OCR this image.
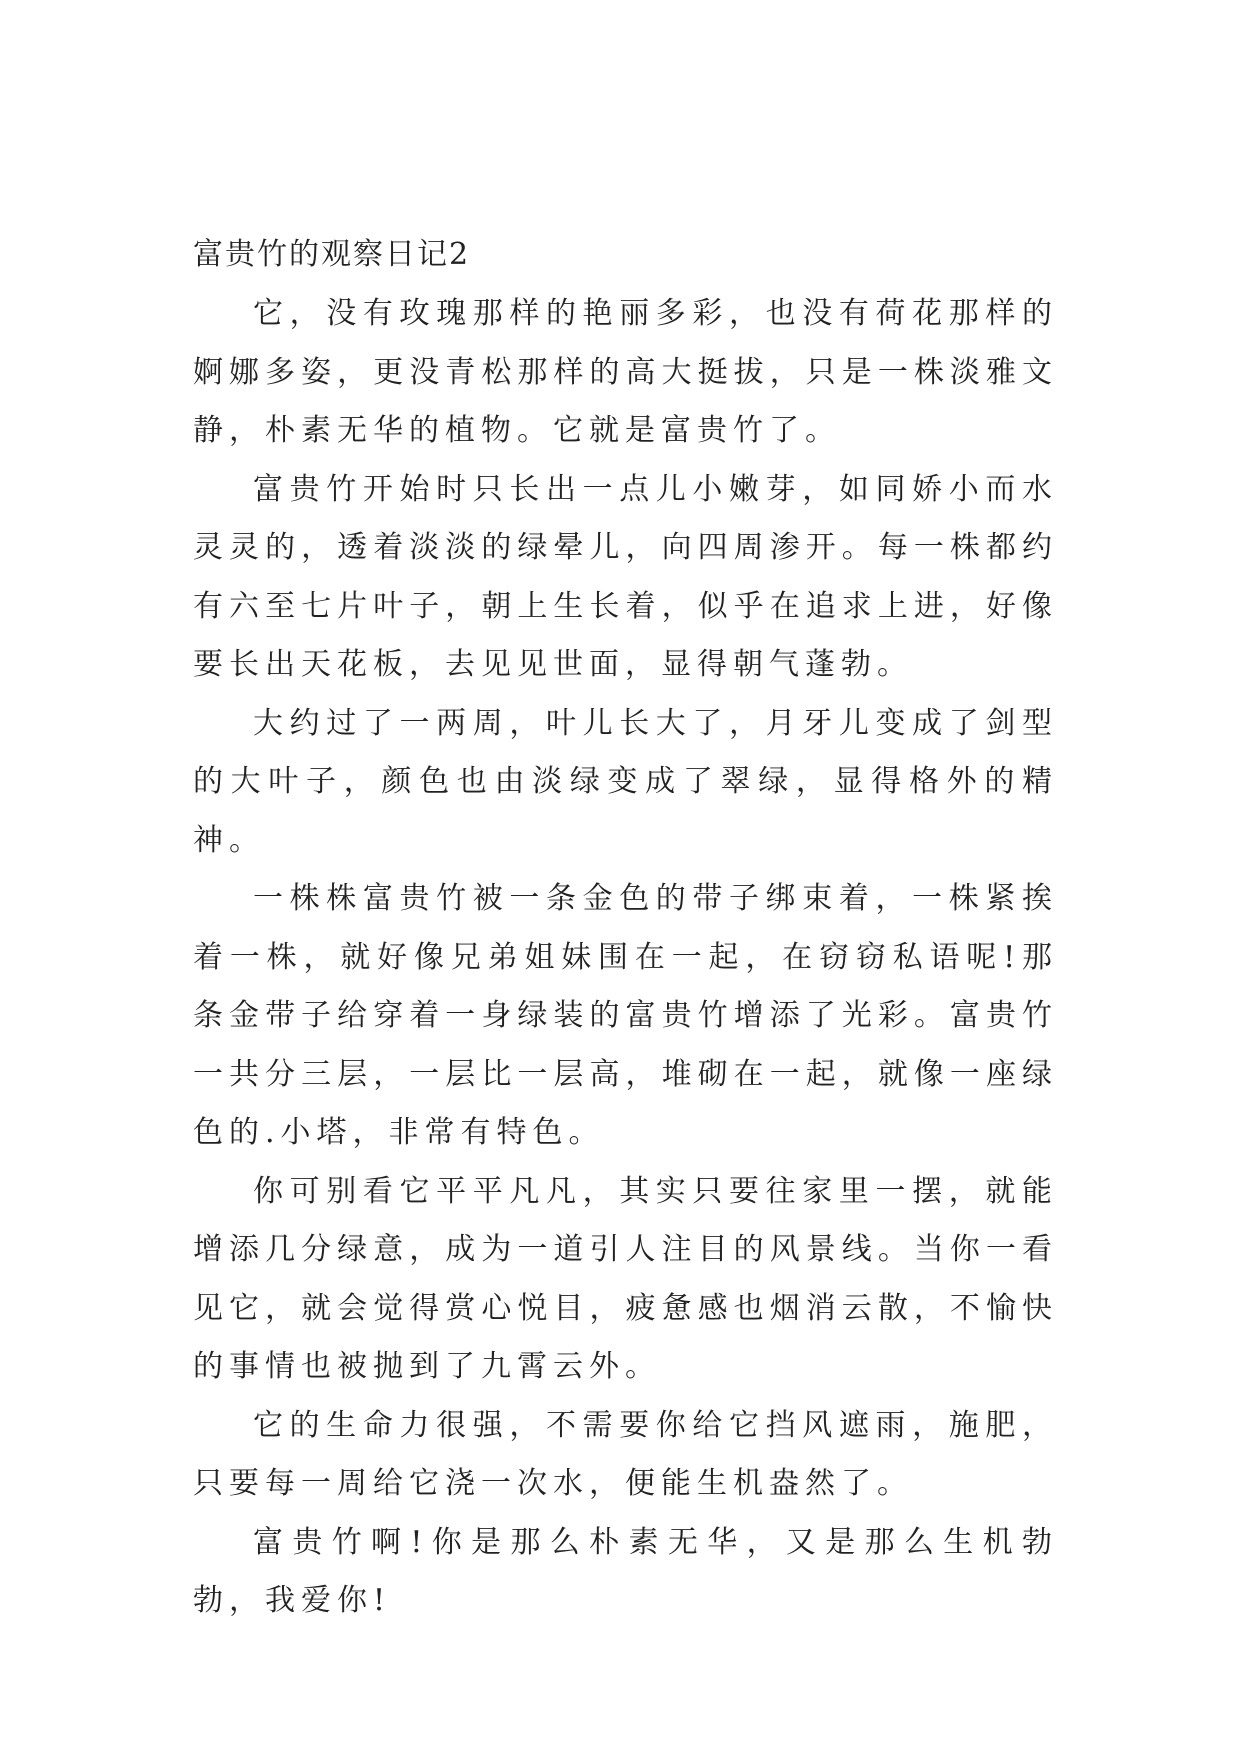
富贵竹的观察日记2

它，没有玫瑰那样的艳丽多彩，也没有荷花那样的婀娜多姿，更没青松那样的高大挺拔，只是一株淡雅文静，朴素无华的植物。它就是富贵竹了。

富贵竹开始时只长出一点儿小嫩芽，如同娇小而水灵灵的，透着淡淡的绿晕儿，向四周渗开。每一株都约有六至七片叶子，朝上生长着，似乎在追求上进，好像要长出天花板，去见见世面，显得朝气蓬勃。

大约过了一两周，叶儿长大了，月牙儿变成了剑型的大叶子，颜色也由淡绿变成了翠绿，显得格外的精神。

一株株富贵竹被一条金色的带子绑束着，一株紧挨着一株，就好像兄弟姐妹围在一起，在窃窃私语呢!那条金带子给穿着一身绿装的富贵竹增添了光彩。富贵竹一共分三层，一层比一层高，堆砌在一起，就像一座绿色的.小塔，非常有特色。

你可别看它平平凡凡，其实只要往家里一摆，就能增添几分绿意，成为一道引人注目的风景线。当你一看见它，就会觉得赏心悦目，疲惫感也烟消云散，不愉快的事情也被抛到了九霄云外。

它的生命力很强，不需要你给它挡风遮雨，施肥，只要每一周给它浇一次水，便能生机盎然了。

富贵竹啊!你是那么朴素无华，又是那么生机勃勃，我爱你!
